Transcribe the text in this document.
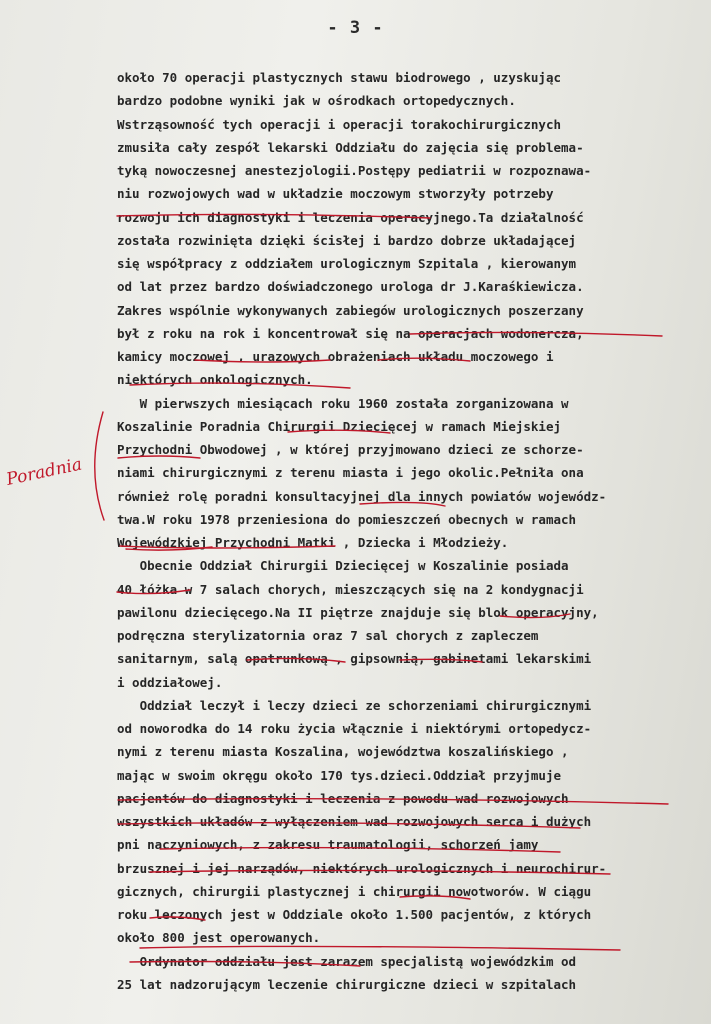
- 3 -
około 70 operacji plastycznych stawu biodrowego , uzyskując
bardzo podobne wyniki jak w ośrodkach ortopedycznych.
Wstrząsowność tych operacji i operacji torakochirurgicznych
zmusiła cały zespół lekarski Oddziału do zajęcia się problema-
tyką nowoczesnej anestezjologii.Postępy pediatrii w rozpoznawa-
niu rozwojowych wad w układzie moczowym stworzyły potrzeby
rozwoju ich diagnostyki i leczenia operacyjnego.Ta działalność
została rozwinięta dzięki ścisłej i bardzo dobrze układającej
się współpracy z oddziałem urologicznym Szpitala , kierowanym
od lat przez bardzo doświadczonego urologa dr J.Karaśkiewicza.
Zakres wspólnie wykonywanych zabiegów urologicznych poszerzany
był z roku na rok i koncentrował się na operacjach wodonercza,
kamicy moczowej , urazowych obrażeniach układu moczowego i
niektórych onkologicznych.
W pierwszych miesiącach roku 1960 została zorganizowana w
Koszalinie Poradnia Chirurgii Dziecięcej w ramach Miejskiej
Przychodni Obwodowej , w której przyjmowano dzieci ze schorze-
niami chirurgicznymi z terenu miasta i jego okolic.Pełniła ona
również rolę poradni konsultacyjnej dla innych powiatów wojewódz-
twa.W roku 1978 przeniesiona do pomieszczeń obecnych w ramach
Wojewódzkiej Przychodni Matki , Dziecka i Młodzieży.
Obecnie Oddział Chirurgii Dziecięcej w Koszalinie posiada
40 łóżka w 7 salach chorych, mieszczących się na 2 kondygnacji
pawilonu dziecięcego.Na II piętrze znajduje się blok operacyjny,
podręczna sterylizatornia oraz 7 sal chorych z zapleczem
sanitarnym, salą opatrunkową , gipsownią, gabinetami lekarskimi
i oddziałowej.
Oddział leczył i leczy dzieci ze schorzeniami chirurgicznymi
od noworodka do 14 roku życia włącznie i niektórymi ortopedycz-
nymi z terenu miasta Koszalina, województwa koszalińskiego ,
mając w swoim okręgu około 170 tys.dzieci.Oddział przyjmuje
pacjentów do diagnostyki i leczenia z powodu wad rozwojowych
wszystkich układów z wyłączeniem wad rozwojowych serca i dużych
pni naczyniowych, z zakresu traumatologii, schorzeń jamy
brzusznej i jej narządów, niektórych urologicznych i neurochirur-
gicznych, chirurgii plastycznej i chirurgii nowotworów. W ciągu
roku leczonych jest w Oddziale około 1.500 pacjentów, z których
około 800 jest operowanych.
Ordynator oddziału jest zarazem specjalistą wojewódzkim od
25 lat nadzorującym leczenie chirurgiczne dzieci w szpitalach
Poradnia
